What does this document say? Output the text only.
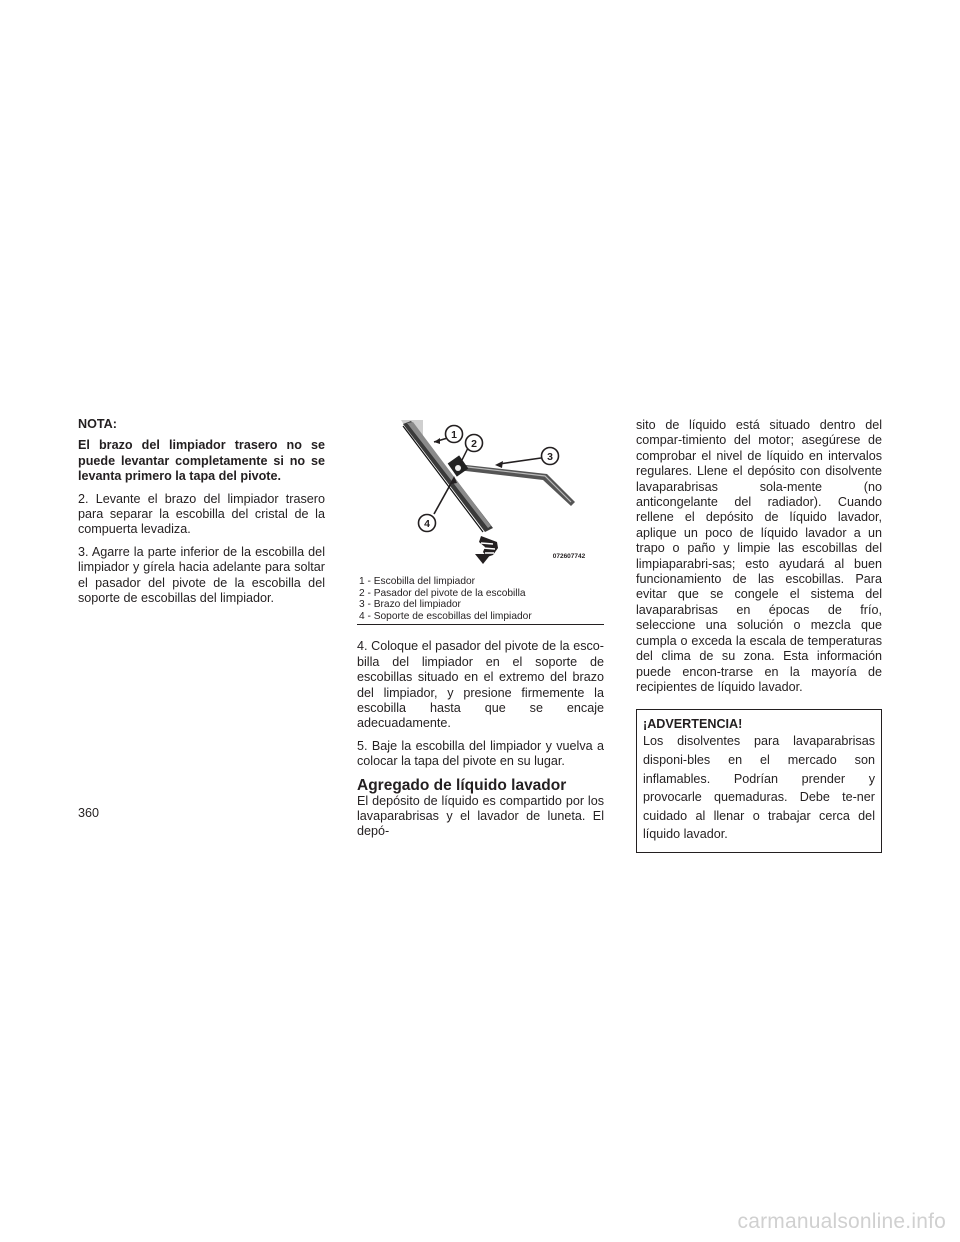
NOTA:

El brazo del limpiador trasero no se puede levantar completamente si no se levanta primero la tapa del pivote.

2. Levante el brazo del limpiador trasero para separar la escobilla del cristal de la compuerta levadiza.

3. Agarre la parte inferior de la escobilla del limpiador y gírela hacia adelante para soltar el pasador del pivote de la escobilla del soporte de escobillas del limpiador.

1
2
3
4
072607742
1 - Escobilla del limpiador
2 - Pasador del pivote de la escobilla
3 - Brazo del limpiador
4 - Soporte de escobillas del limpiador

4. Coloque el pasador del pivote de la esco-billa del limpiador en el soporte de escobillas situado en el extremo del brazo del limpiador, y presione firmemente la escobilla hasta que se encaje adecuadamente.

5. Baje la escobilla del limpiador y vuelva a colocar la tapa del pivote en su lugar.

Agregado de líquido lavador

El depósito de líquido es compartido por los lavaparabrisas y el lavador de luneta. El depó-

sito de líquido está situado dentro del compar-timiento del motor; asegúrese de comprobar el nivel de líquido en intervalos regulares. Llene el depósito con disolvente lavaparabrisas sola-mente (no anticongelante del radiador). Cuando rellene el depósito de líquido lavador, aplique un poco de líquido lavador a un trapo o paño y limpie las escobillas del limpiaparabri-sas; esto ayudará al buen funcionamiento de las escobillas. Para evitar que se congele el sistema del lavaparabrisas en épocas de frío, seleccione una solución o mezcla que cumpla o exceda la escala de temperaturas del clima de su zona. Esta información puede encon-trarse en la mayoría de recipientes de líquido lavador.

¡ADVERTENCIA!
Los disolventes para lavaparabrisas disponi-bles en el mercado son inflamables. Podrían prender y provocarle quemaduras. Debe te-ner cuidado al llenar o trabajar cerca del líquido lavador.
360
carmanualsonline.info
